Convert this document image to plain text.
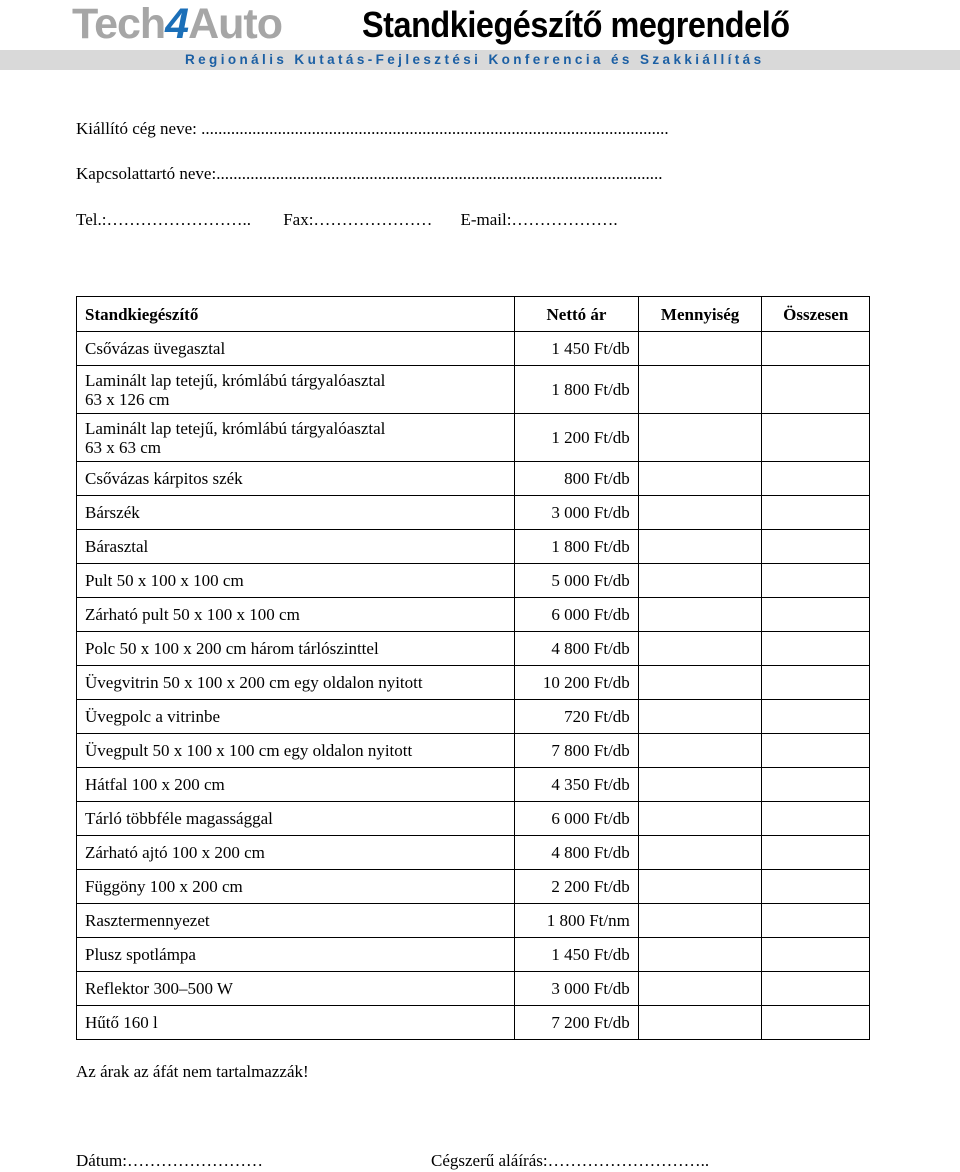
Tech4Auto Standkiegészítő megrendelő
Regionális Kutatás-Fejlesztési Konferencia és Szakkiállítás
Kiállító cég neve: ..............................................................................................................
Kapcsolattartó neve:.........................................................................................................
Tel.:…………………….. Fax:………………… E-mail:……………….
Standkiegészítő	Nettó ár	Mennyiség	Összesen
Csővázas üvegasztal	1 450 Ft/db		
Laminált lap tetejű, krómlábú tárgyalóasztal
63 x 126 cm	1 800 Ft/db		
Laminált lap tetejű, krómlábú tárgyalóasztal
63 x 63 cm	1 200 Ft/db		
Csővázas kárpitos szék	800 Ft/db		
Bárszék	3 000 Ft/db		
Bárasztal	1 800 Ft/db		
Pult 50 x 100 x 100 cm	5 000 Ft/db		
Zárható pult 50 x 100 x 100 cm	6 000 Ft/db		
Polc 50 x 100 x 200 cm három tárlószinttel	4 800 Ft/db		
Üvegvitrin 50 x 100 x 200 cm egy oldalon nyitott	10 200 Ft/db		
Üvegpolc a vitrinbe	720 Ft/db		
Üvegpult 50 x 100 x 100 cm egy oldalon nyitott	7 800 Ft/db		
Hátfal 100 x 200 cm	4 350 Ft/db		
Tárló többféle magassággal	6 000 Ft/db		
Zárható ajtó 100 x 200 cm	4 800 Ft/db		
Függöny 100 x 200 cm	2 200 Ft/db		
Rasztermennyezet	1 800 Ft/nm		
Plusz spotlámpa	1 450 Ft/db		
Reflektor 300–500 W	3 000 Ft/db		
Hűtő 160 l	7 200 Ft/db		
Az árak az áfát nem tartalmazzák!
Dátum:……………………	Cégszerű aláírás:………………………..
